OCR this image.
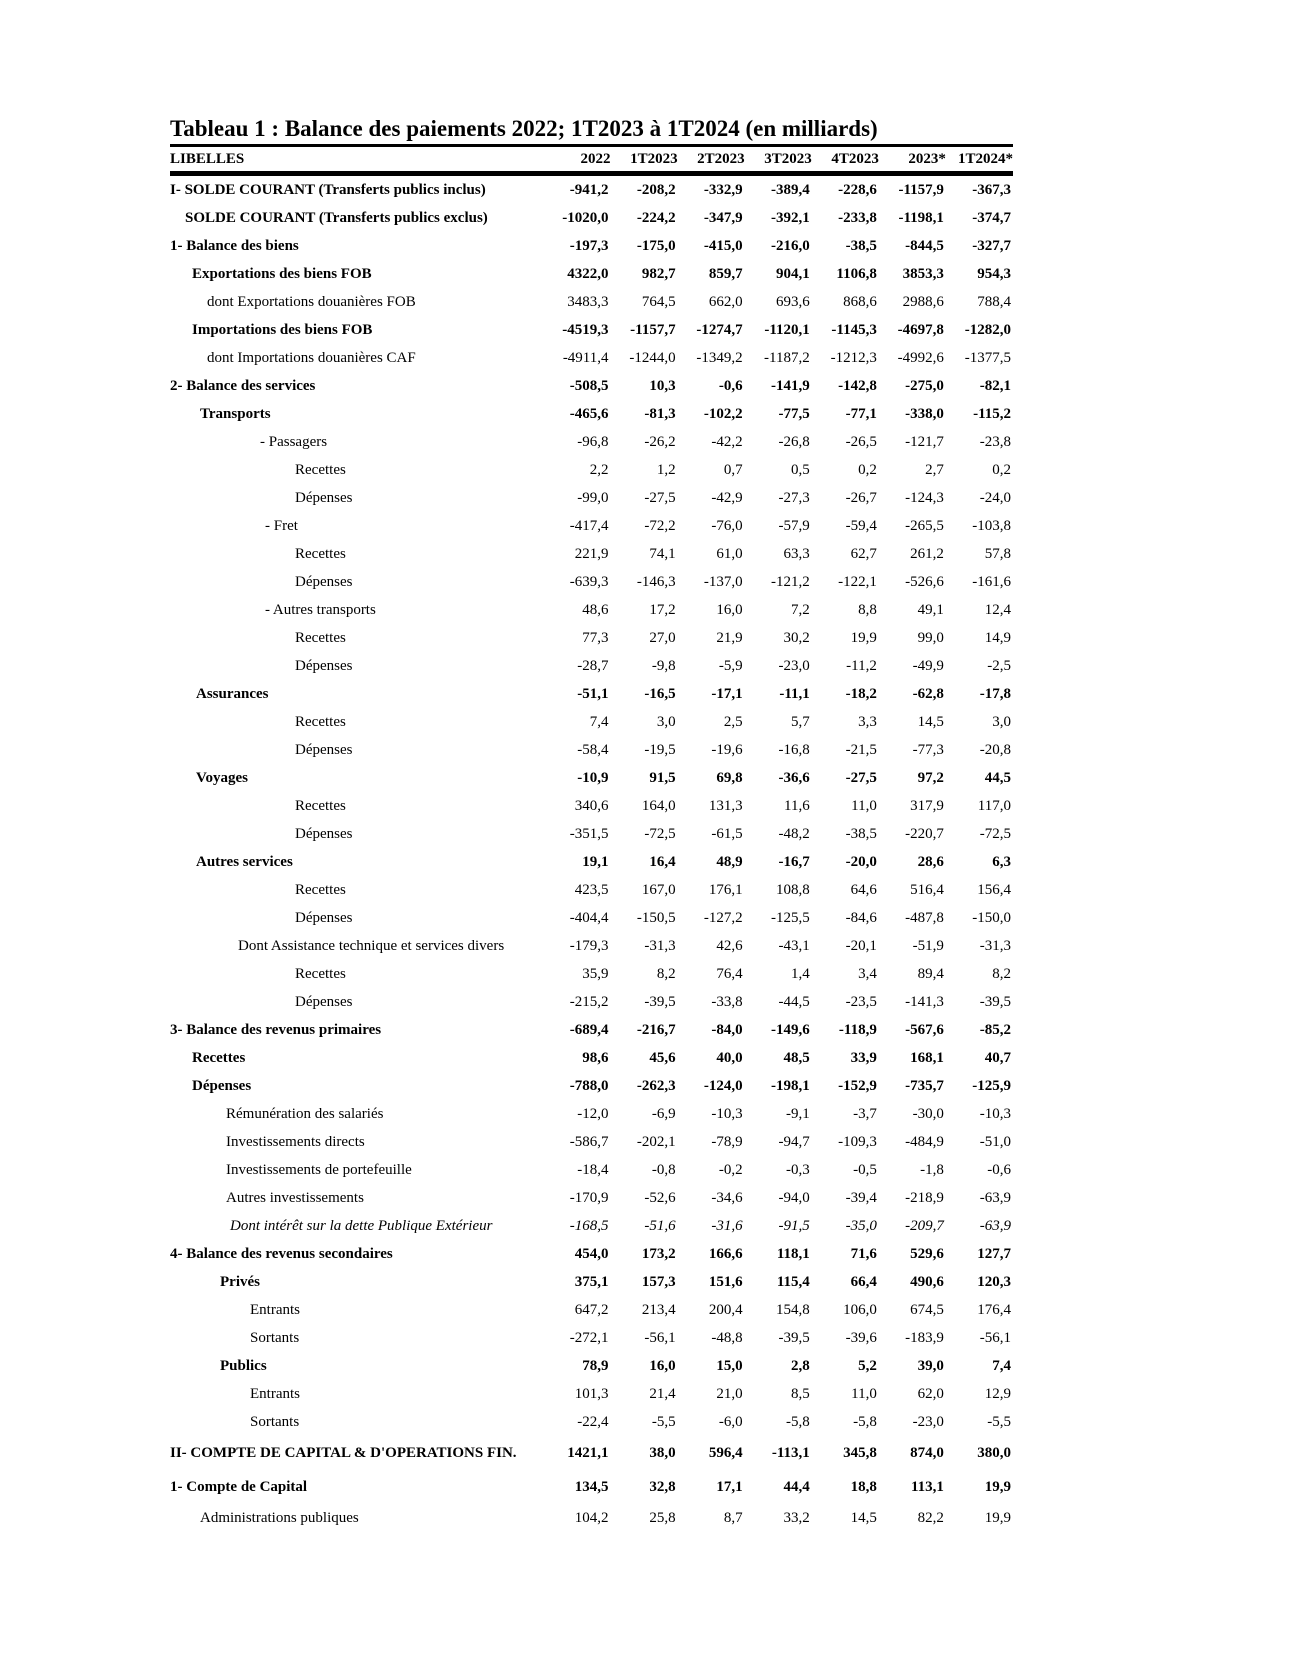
Tableau 1 : Balance des paiements 2022; 1T2023 à 1T2024 (en milliards)
LIBELLES	2022	1T2023	2T2023	3T2023	4T2023	2023*	1T2024*
I- SOLDE COURANT (Transferts publics inclus)	-941,2	-208,2	-332,9	-389,4	-228,6	-1157,9	-367,3
SOLDE COURANT (Transferts publics exclus)	-1020,0	-224,2	-347,9	-392,1	-233,8	-1198,1	-374,7
1- Balance des biens	-197,3	-175,0	-415,0	-216,0	-38,5	-844,5	-327,7
Exportations des biens FOB	4322,0	982,7	859,7	904,1	1106,8	3853,3	954,3
dont Exportations douanières FOB	3483,3	764,5	662,0	693,6	868,6	2988,6	788,4
Importations des biens FOB	-4519,3	-1157,7	-1274,7	-1120,1	-1145,3	-4697,8	-1282,0
dont Importations douanières CAF	-4911,4	-1244,0	-1349,2	-1187,2	-1212,3	-4992,6	-1377,5
2- Balance des services	-508,5	10,3	-0,6	-141,9	-142,8	-275,0	-82,1
Transports	-465,6	-81,3	-102,2	-77,5	-77,1	-338,0	-115,2
- Passagers	-96,8	-26,2	-42,2	-26,8	-26,5	-121,7	-23,8
Recettes	2,2	1,2	0,7	0,5	0,2	2,7	0,2
Dépenses	-99,0	-27,5	-42,9	-27,3	-26,7	-124,3	-24,0
- Fret	-417,4	-72,2	-76,0	-57,9	-59,4	-265,5	-103,8
Recettes	221,9	74,1	61,0	63,3	62,7	261,2	57,8
Dépenses	-639,3	-146,3	-137,0	-121,2	-122,1	-526,6	-161,6
- Autres transports	48,6	17,2	16,0	7,2	8,8	49,1	12,4
Recettes	77,3	27,0	21,9	30,2	19,9	99,0	14,9
Dépenses	-28,7	-9,8	-5,9	-23,0	-11,2	-49,9	-2,5
Assurances	-51,1	-16,5	-17,1	-11,1	-18,2	-62,8	-17,8
Recettes	7,4	3,0	2,5	5,7	3,3	14,5	3,0
Dépenses	-58,4	-19,5	-19,6	-16,8	-21,5	-77,3	-20,8
Voyages	-10,9	91,5	69,8	-36,6	-27,5	97,2	44,5
Recettes	340,6	164,0	131,3	11,6	11,0	317,9	117,0
Dépenses	-351,5	-72,5	-61,5	-48,2	-38,5	-220,7	-72,5
Autres services	19,1	16,4	48,9	-16,7	-20,0	28,6	6,3
Recettes	423,5	167,0	176,1	108,8	64,6	516,4	156,4
Dépenses	-404,4	-150,5	-127,2	-125,5	-84,6	-487,8	-150,0
Dont Assistance technique et services divers	-179,3	-31,3	42,6	-43,1	-20,1	-51,9	-31,3
Recettes	35,9	8,2	76,4	1,4	3,4	89,4	8,2
Dépenses	-215,2	-39,5	-33,8	-44,5	-23,5	-141,3	-39,5
3- Balance des revenus primaires	-689,4	-216,7	-84,0	-149,6	-118,9	-567,6	-85,2
Recettes	98,6	45,6	40,0	48,5	33,9	168,1	40,7
Dépenses	-788,0	-262,3	-124,0	-198,1	-152,9	-735,7	-125,9
Rémunération des salariés	-12,0	-6,9	-10,3	-9,1	-3,7	-30,0	-10,3
Investissements directs	-586,7	-202,1	-78,9	-94,7	-109,3	-484,9	-51,0
Investissements de portefeuille	-18,4	-0,8	-0,2	-0,3	-0,5	-1,8	-0,6
Autres investissements	-170,9	-52,6	-34,6	-94,0	-39,4	-218,9	-63,9
Dont intérêt sur la dette Publique Extérieur	-168,5	-51,6	-31,6	-91,5	-35,0	-209,7	-63,9
4- Balance des revenus secondaires	454,0	173,2	166,6	118,1	71,6	529,6	127,7
Privés	375,1	157,3	151,6	115,4	66,4	490,6	120,3
Entrants	647,2	213,4	200,4	154,8	106,0	674,5	176,4
Sortants	-272,1	-56,1	-48,8	-39,5	-39,6	-183,9	-56,1
Publics	78,9	16,0	15,0	2,8	5,2	39,0	7,4
Entrants	101,3	21,4	21,0	8,5	11,0	62,0	12,9
Sortants	-22,4	-5,5	-6,0	-5,8	-5,8	-23,0	-5,5
II- COMPTE DE CAPITAL & D'OPERATIONS FIN.	1421,1	38,0	596,4	-113,1	345,8	874,0	380,0
1- Compte de Capital	134,5	32,8	17,1	44,4	18,8	113,1	19,9
Administrations publiques	104,2	25,8	8,7	33,2	14,5	82,2	19,9
